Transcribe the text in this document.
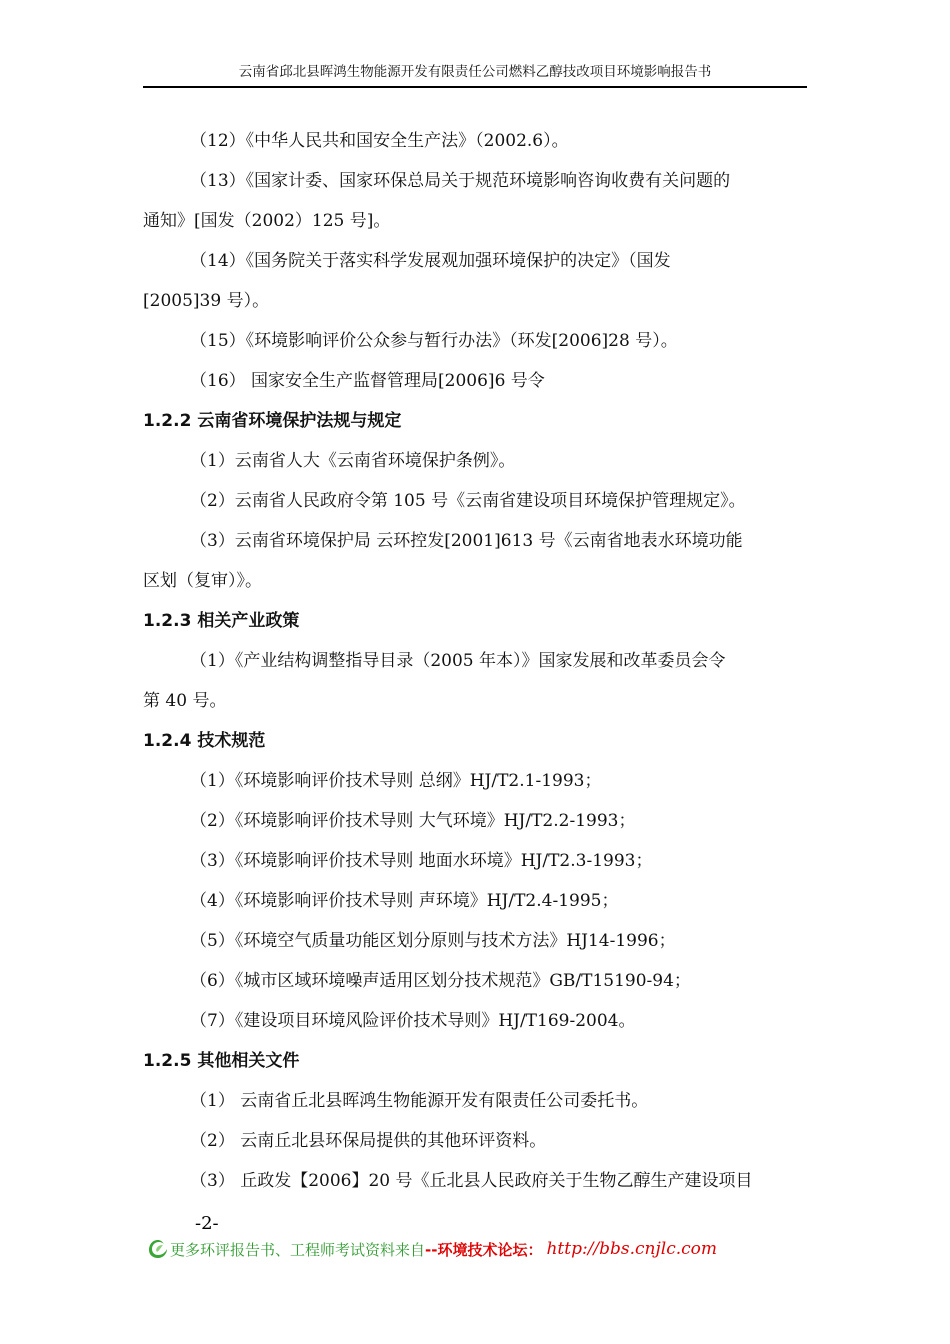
云南省邱北县晖鸿生物能源开发有限责任公司燃料乙醇技改项目环境影响报告书
（12）《中华人民共和国安全生产法》（2002.6）。
（13）《国家计委、国家环保总局关于规范环境影响咨询收费有关问题的
通知》[国发（2002）125 号]。
（14）《国务院关于落实科学发展观加强环境保护的决定》（国发
[2005]39 号）。
（15）《环境影响评价公众参与暂行办法》（环发[2006]28 号）。
（16） 国家安全生产监督管理局[2006]6 号令
1.2.2 云南省环境保护法规与规定
（1）云南省人大《云南省环境保护条例》。
（2）云南省人民政府令第 105 号《云南省建设项目环境保护管理规定》。
（3）云南省环境保护局 云环控发[2001]613 号《云南省地表水环境功能
区划（复审）》。
1.2.3 相关产业政策
（1）《产业结构调整指导目录（2005 年本）》国家发展和改革委员会令
第 40 号。
1.2.4 技术规范
（1）《环境影响评价技术导则 总纲》HJ/T2.1-1993；
（2）《环境影响评价技术导则 大气环境》HJ/T2.2-1993；
（3）《环境影响评价技术导则 地面水环境》HJ/T2.3-1993；
（4）《环境影响评价技术导则 声环境》HJ/T2.4-1995；
（5）《环境空气质量功能区划分原则与技术方法》HJ14-1996；
（6）《城市区域环境噪声适用区划分技术规范》GB/T15190-94；
（7）《建设项目环境风险评价技术导则》HJ/T169-2004。
1.2.5 其他相关文件
（1） 云南省丘北县晖鸿生物能源开发有限责任公司委托书。
（2） 云南丘北县环保局提供的其他环评资料。
（3） 丘政发【2006】20 号《丘北县人民政府关于生物乙醇生产建设项目
-2-
更多环评报告书、工程师考试资料来自 --环境技术论坛： http://bbs.cnjlc.com
